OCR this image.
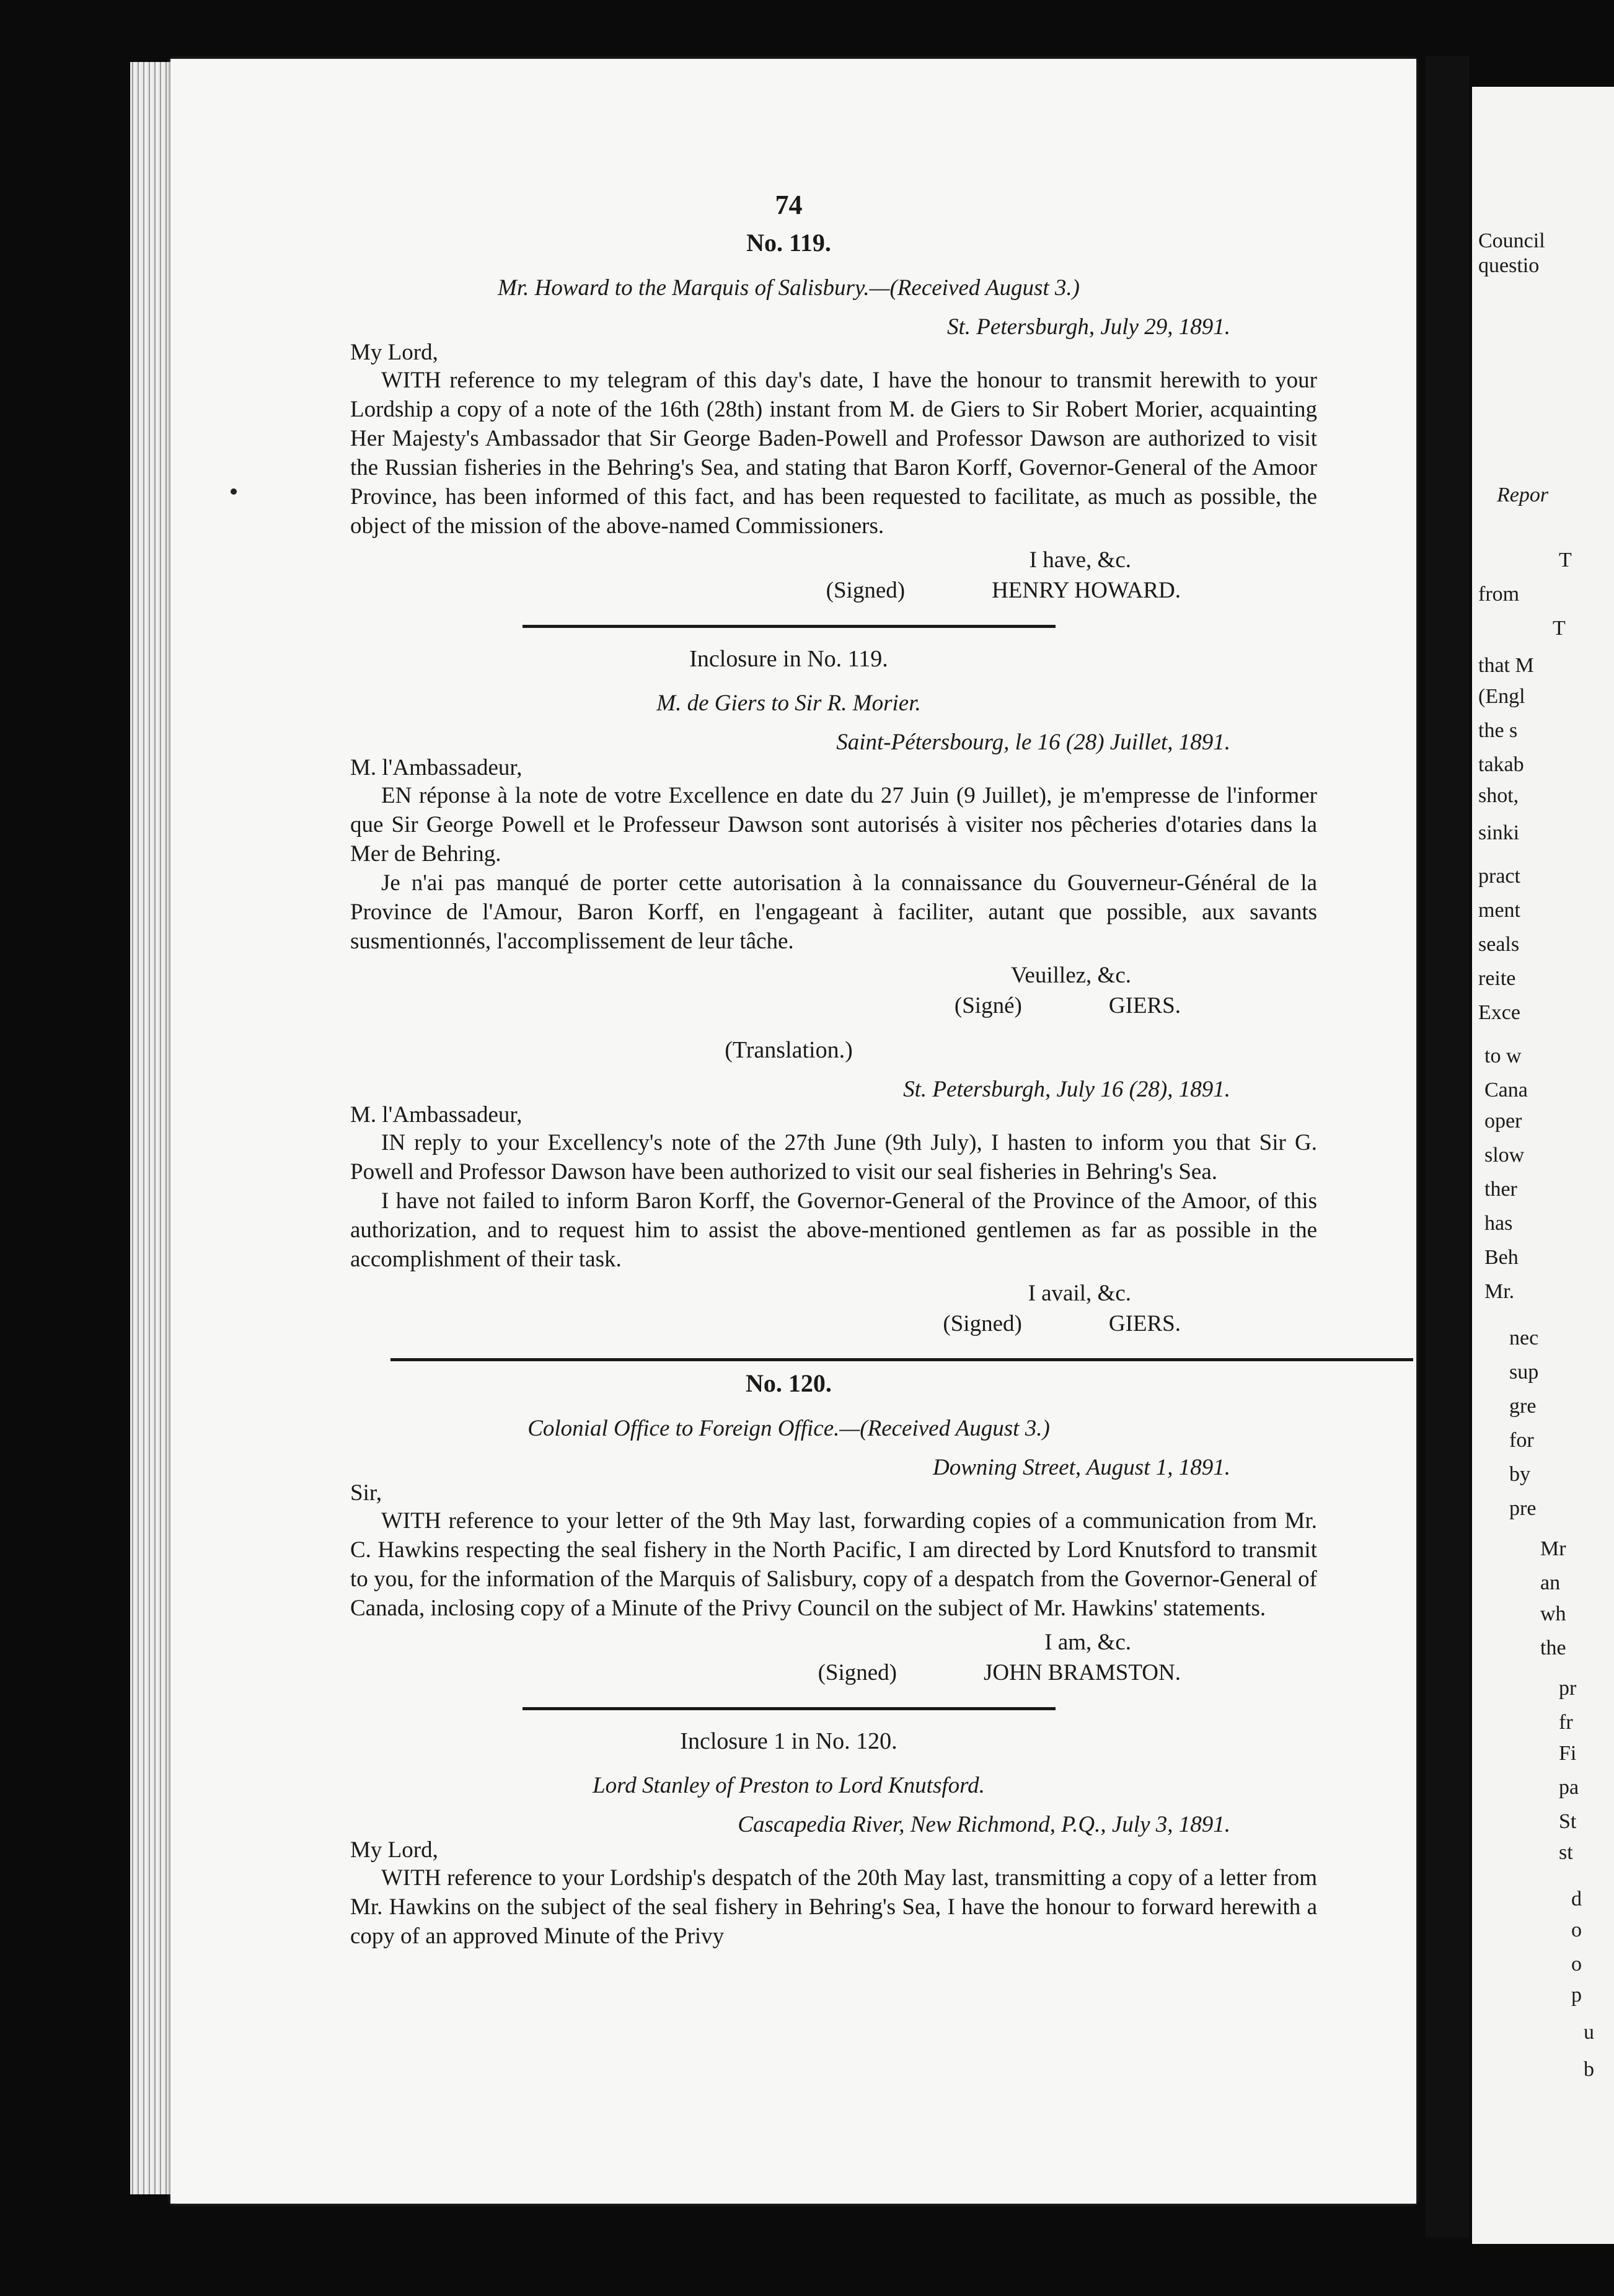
Council
questio
Repor
T
from
T
that M
(Engl
the s
takab
shot,
sinki
pract
ment
seals
reite
Exce
to w
Cana
oper
slow
ther
has
Beh
Mr.
nec
sup
gre
for
by
pre
Mr
an
wh
the
pr
fr
Fi
pa
St
st
d
o
o
p
u
b
74
No. 119.
Mr. Howard to the Marquis of Salisbury.—(Received August 3.)
St. Petersburgh, July 29, 1891.
My Lord,
WITH reference to my telegram of this day's date, I have the honour to transmit herewith to your Lordship a copy of a note of the 16th (28th) instant from M. de Giers to Sir Robert Morier, acquainting Her Majesty's Ambassador that Sir George Baden-Powell and Professor Dawson are authorized to visit the Russian fisheries in the Behring's Sea, and stating that Baron Korff, Governor-General of the Amoor Province, has been informed of this fact, and has been requested to facilitate, as much as possible, the object of the mission of the above-named Commissioners.
I have, &c.
(Signed)	HENRY HOWARD.
Inclosure in No. 119.
M. de Giers to Sir R. Morier.
Saint-Pétersbourg, le 16 (28) Juillet, 1891.
M. l'Ambassadeur,
EN réponse à la note de votre Excellence en date du 27 Juin (9 Juillet), je m'empresse de l'informer que Sir George Powell et le Professeur Dawson sont autorisés à visiter nos pêcheries d'otaries dans la Mer de Behring.
Je n'ai pas manqué de porter cette autorisation à la connaissance du Gouverneur-Général de la Province de l'Amour, Baron Korff, en l'engageant à faciliter, autant que possible, aux savants susmentionnés, l'accomplissement de leur tâche.
Veuillez, &c.
(Signé)	GIERS.
(Translation.)
St. Petersburgh, July 16 (28), 1891.
M. l'Ambassadeur,
IN reply to your Excellency's note of the 27th June (9th July), I hasten to inform you that Sir G. Powell and Professor Dawson have been authorized to visit our seal fisheries in Behring's Sea.
I have not failed to inform Baron Korff, the Governor-General of the Province of the Amoor, of this authorization, and to request him to assist the above-mentioned gentlemen as far as possible in the accomplishment of their task.
I avail, &c.
(Signed)	GIERS.
No. 120.
Colonial Office to Foreign Office.—(Received August 3.)
Downing Street, August 1, 1891.
Sir,
WITH reference to your letter of the 9th May last, forwarding copies of a communication from Mr. C. Hawkins respecting the seal fishery in the North Pacific, I am directed by Lord Knutsford to transmit to you, for the information of the Marquis of Salisbury, copy of a despatch from the Governor-General of Canada, inclosing copy of a Minute of the Privy Council on the subject of Mr. Hawkins' statements.
I am, &c.
(Signed)	JOHN BRAMSTON.
Inclosure 1 in No. 120.
Lord Stanley of Preston to Lord Knutsford.
Cascapedia River, New Richmond, P.Q., July 3, 1891.
My Lord,
WITH reference to your Lordship's despatch of the 20th May last, transmitting a copy of a letter from Mr. Hawkins on the subject of the seal fishery in Behring's Sea, I have the honour to forward herewith a copy of an approved Minute of the Privy
